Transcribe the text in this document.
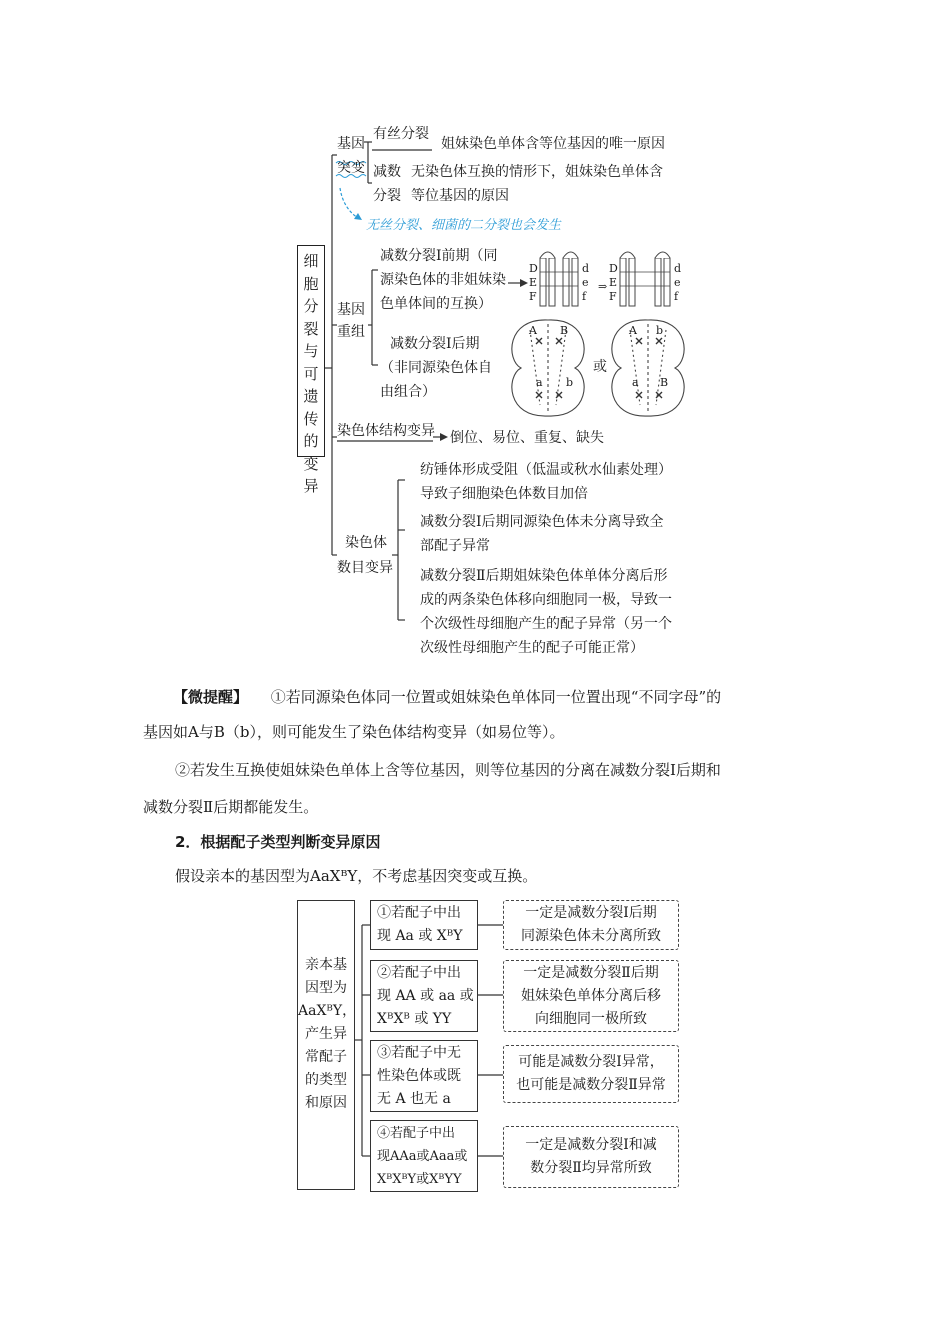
⇒
细胞分裂与可遗传的变异
基因
突变
有丝分裂
姐妹染色单体含等位基因的唯一原因
减数
分裂
无染色体互换的情形下，姐妹染色单体含
等位基因的原因
无丝分裂、细菌的二分裂也会发生
基因
重组
减数分裂Ⅰ前期（同
源染色体的非姐妹染
色单体间的互换）
减数分裂Ⅰ后期
（非同源染色体自
由组合）
或
D
E
F
d
e
f
D
E
F
d
e
f
A B
a b
A b
a B
染色体结构变异 倒位、易位、重复、缺失
染色体
数目变异
纺锤体形成受阻（低温或秋水仙素处理）
导致子细胞染色体数目加倍
减数分裂Ⅰ后期同源染色体未分离导致全
部配子异常
减数分裂Ⅱ后期姐妹染色体单体分离后形
成的两条染色体移向细胞同一极，导致一
个次级性母细胞产生的配子异常（另一个
次级性母细胞产生的配子可能正常）
【微提醒】 ①若同源染色体同一位置或姐妹染色单体同一位置出现“不同字母”的
基因如A与B（b），则可能发生了染色体结构变异（如易位等）。
②若发生互换使姐妹染色单体上含等位基因，则等位基因的分离在减数分裂Ⅰ后期和
减数分裂Ⅱ后期都能发生。
2．根据配子类型判断变异原因
假设亲本的基因型为AaXᴮY，不考虑基因突变或互换。
亲本基
因型为
AaXᴮY，
产生异
常配子
的类型
和原因
①若配子中出
现 Aa 或 XᴮY
一定是减数分裂Ⅰ后期
同源染色体未分离所致
②若配子中出
现 AA 或 aa 或
XᴮXᴮ 或 YY
一定是减数分裂Ⅱ后期
姐妹染色单体分离后移
向细胞同一极所致
③若配子中无
性染色体或既
无 A 也无 a
可能是减数分裂Ⅰ异常，
也可能是减数分裂Ⅱ异常
④若配子中出
现AAa或Aaa或
XᴮXᴮY或XᴮYY
一定是减数分裂Ⅰ和减
数分裂Ⅱ均异常所致
